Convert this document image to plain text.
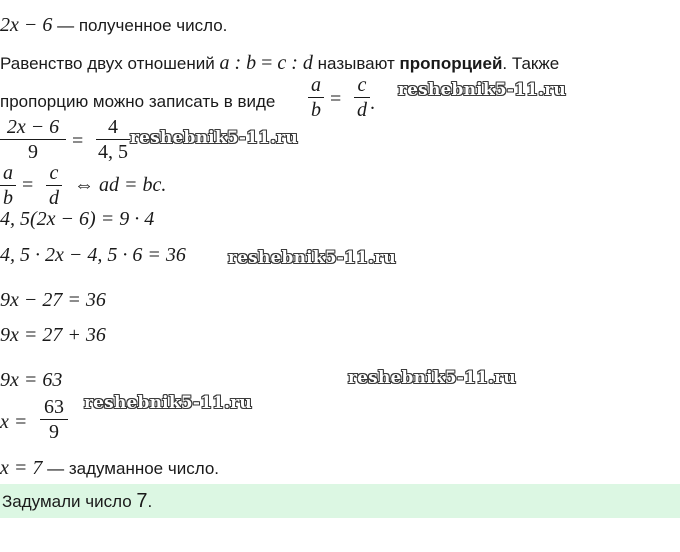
2x − 6 — полученное число.
Равенство двух отношений a : b = c : d называют пропорцией. Также
пропорцию можно записать в виде
a
b =
c
d .
reshebnik5-11.ru
2x − 6
9	=
4
4, 5
reshebnik5-11.ru
a
b
=
c
d
⇔ ad = bc.
4, 5(2x − 6) = 9 · 4
4, 5 · 2x − 4, 5 · 6 = 36 reshebnik5-11.ru
9x − 27 = 36
9x = 27 + 36
9x = 63	reshebnik5-11.ru
x =
63
9
reshebnik5-11.ru
x = 7 — задуманное число.
Задумали число 7.
